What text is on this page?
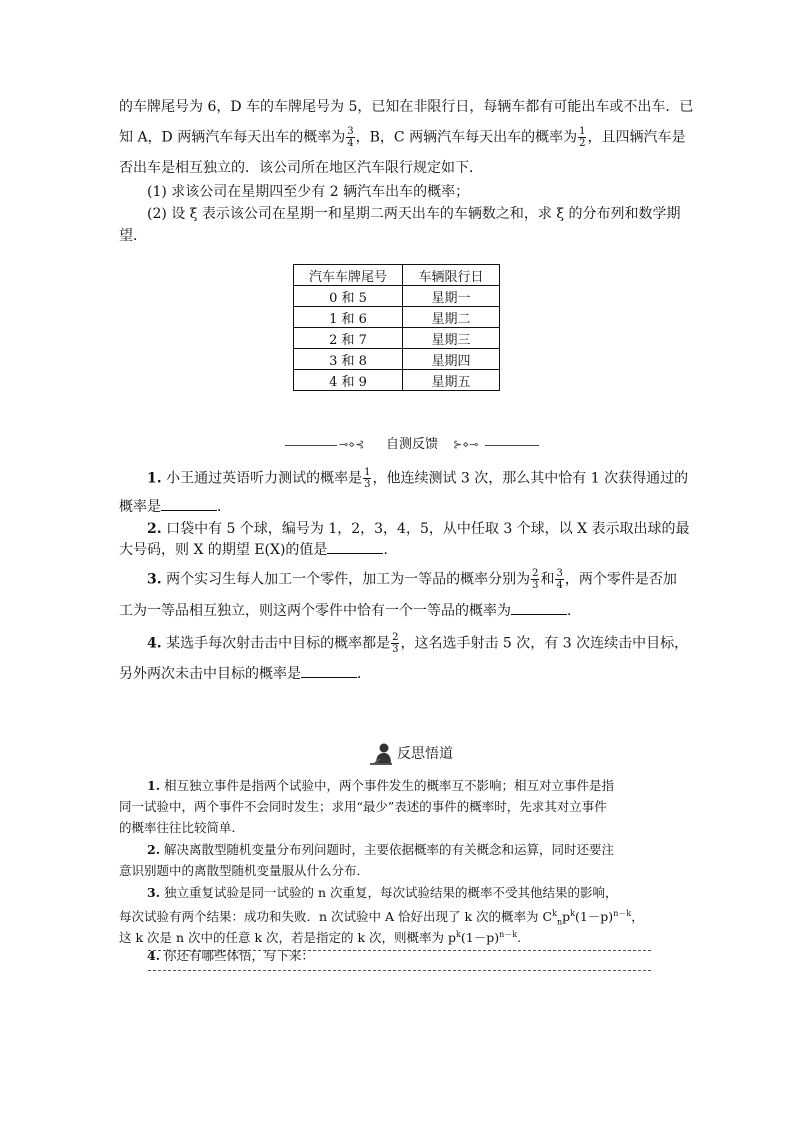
的车牌尾号为 6，D 车的车牌尾号为 5，已知在非限行日，每辆车都有可能出车或不出车．已
知 A，D 两辆汽车每天出车的概率为 $\frac{3}{4}$ ，B，C 两辆汽车每天出车的概率为 $\frac{1}{2}$ ，且四辆汽车是
否出车是相互独立的．该公司所在地区汽车限行规定如下．
(1) 求该公司在星期四至少有 2 辆汽车出车的概率；
(2) 设 ξ 表示该公司在星期一和星期二两天出车的车辆数之和，求 ξ 的分布列和数学期
望．
汽车车牌尾号	车辆限行日
0 和 5	星期一
1 和 6	星期二
2 和 7	星期三
3 和 8	星期四
4 和 9	星期五
⊸⋄⊰	自测反馈	⊱⋄⊸
1. 小王通过英语听力测试的概率是 $\frac{1}{3}$ ，他连续测试 3 次，那么其中恰有 1 次获得通过的
概率是	．
2. 口袋中有 5 个球，编号为 1，2，3，4，5，从中任取 3 个球，以 X 表示取出球的最
大号码，则 X 的期望 E(X)的值是	．
3. 两个实习生每人加工一个零件，加工为一等品的概率分别为 $\frac{2}{3}$ 和 $\frac{3}{4}$ ，两个零件是否加
工为一等品相互独立，则这两个零件中恰有一个一等品的概率为	．
4. 某选手每次射击击中目标的概率都是 $\frac{2}{3}$ ，这名选手射击 5 次，有 3 次连续击中目标，
另外两次未击中目标的概率是	．
反思悟道
1. 相互独立事件是指两个试验中，两个事件发生的概率互不影响；相互对立事件是指
同一试验中，两个事件不会同时发生；求用“最少”表述的事件的概率时，先求其对立事件
的概率往往比较简单．
2. 解决离散型随机变量分布列问题时，主要依据概率的有关概念和运算，同时还要注
意识别题中的离散型随机变量服从什么分布．
3. 独立重复试验是同一试验的 n 次重复，每次试验结果的概率不受其他结果的影响，
每次试验有两个结果：成功和失败．n 次试验中 A 恰好出现了 k 次的概率为 $C^k_np^k(1-p)^{n-k}$，
这 k 次是 n 次中的任意 k 次，若是指定的 k 次，则概率为 $p^k(1-p)^{n-k}$.
4. 你还有哪些体悟，写下来：
